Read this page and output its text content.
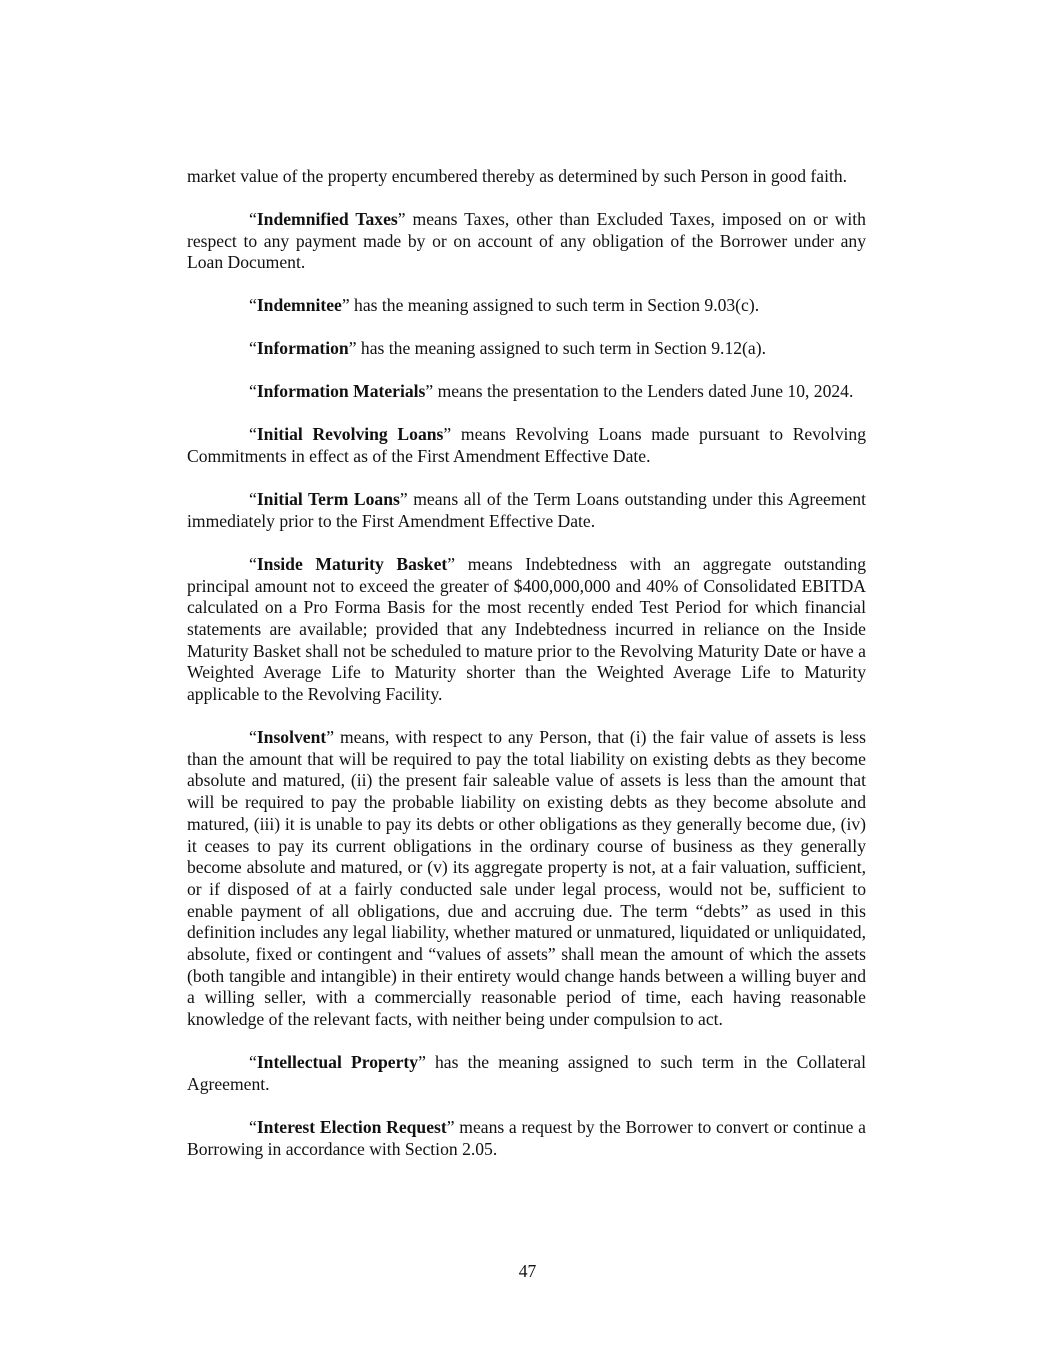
market value of the property encumbered thereby as determined by such Person in good faith.

“Indemnified Taxes” means Taxes, other than Excluded Taxes, imposed on or with respect to any payment made by or on account of any obligation of the Borrower under any Loan Document.

“Indemnitee” has the meaning assigned to such term in Section 9.03(c).

“Information” has the meaning assigned to such term in Section 9.12(a).

“Information Materials” means the presentation to the Lenders dated June 10, 2024.

“Initial Revolving Loans” means Revolving Loans made pursuant to Revolving Commitments in effect as of the First Amendment Effective Date.

“Initial Term Loans” means all of the Term Loans outstanding under this Agreement immediately prior to the First Amendment Effective Date.

“Inside Maturity Basket” means Indebtedness with an aggregate outstanding principal amount not to exceed the greater of $400,000,000 and 40% of Consolidated EBITDA calculated on a Pro Forma Basis for the most recently ended Test Period for which financial statements are available; provided that any Indebtedness incurred in reliance on the Inside Maturity Basket shall not be scheduled to mature prior to the Revolving Maturity Date or have a Weighted Average Life to Maturity shorter than the Weighted Average Life to Maturity applicable to the Revolving Facility.

“Insolvent” means, with respect to any Person, that (i) the fair value of assets is less than the amount that will be required to pay the total liability on existing debts as they become absolute and matured, (ii) the present fair saleable value of assets is less than the amount that will be required to pay the probable liability on existing debts as they become absolute and matured, (iii) it is unable to pay its debts or other obligations as they generally become due, (iv) it ceases to pay its current obligations in the ordinary course of business as they generally become absolute and matured, or (v) its aggregate property is not, at a fair valuation, sufficient, or if disposed of at a fairly conducted sale under legal process, would not be, sufficient to enable payment of all obligations, due and accruing due. The term “debts” as used in this definition includes any legal liability, whether matured or unmatured, liquidated or unliquidated, absolute, fixed or contingent and “values of assets” shall mean the amount of which the assets (both tangible and intangible) in their entirety would change hands between a willing buyer and a willing seller, with a commercially reasonable period of time, each having reasonable knowledge of the relevant facts, with neither being under compulsion to act.

“Intellectual Property” has the meaning assigned to such term in the Collateral Agreement.

“Interest Election Request” means a request by the Borrower to convert or continue a Borrowing in accordance with Section 2.05.

47
